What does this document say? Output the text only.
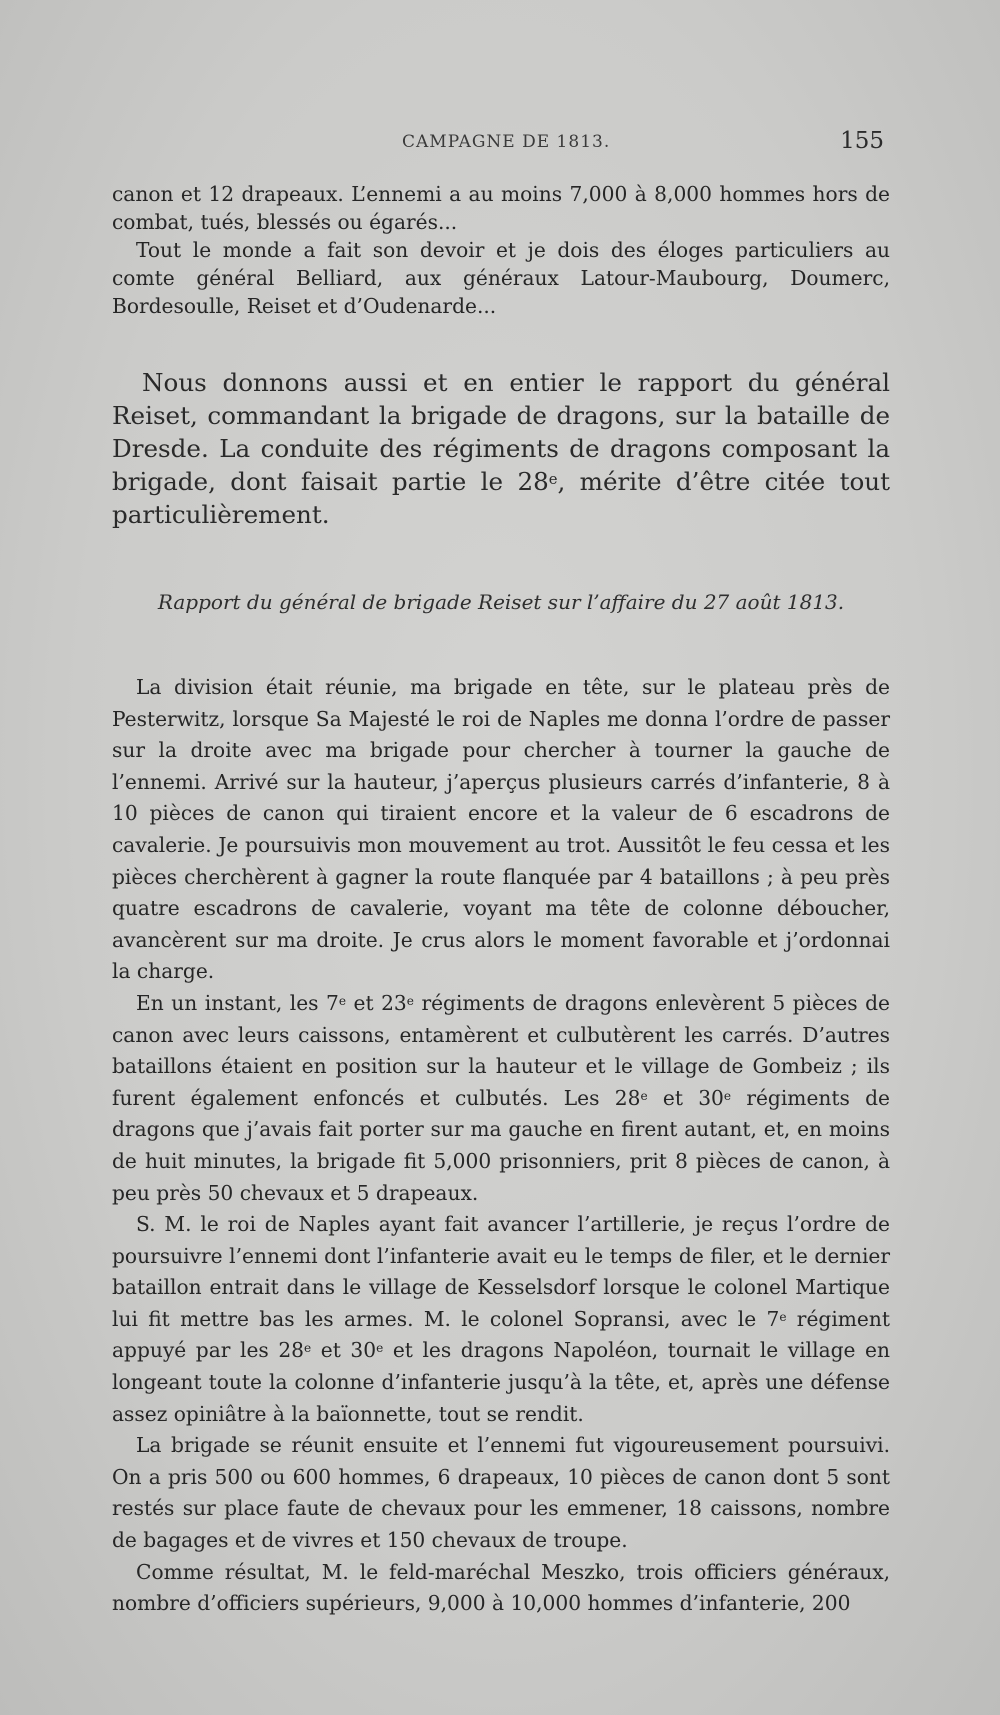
CAMPAGNE DE 1813.	155

canon et 12 drapeaux. L’ennemi a au moins 7,000 à 8,000 hommes hors de combat, tués, blessés ou égarés...

Tout le monde a fait son devoir et je dois des éloges particuliers au comte général Belliard, aux généraux Latour-Maubourg, Doumerc, Bordesoulle, Reiset et d’Oudenarde...

Nous donnons aussi et en entier le rapport du général Reiset, commandant la brigade de dragons, sur la bataille de Dresde. La conduite des régiments de dragons composant la brigade, dont faisait partie le 28e, mérite d’être citée tout particulièrement.

Rapport du général de brigade Reiset sur l’affaire du 27 août 1813.

La division était réunie, ma brigade en tête, sur le plateau près de Pesterwitz, lorsque Sa Majesté le roi de Naples me donna l’ordre de passer sur la droite avec ma brigade pour chercher à tourner la gauche de l’ennemi. Arrivé sur la hauteur, j’aperçus plusieurs carrés d’infanterie, 8 à 10 pièces de canon qui tiraient encore et la valeur de 6 escadrons de cavalerie. Je poursuivis mon mouvement au trot. Aussitôt le feu cessa et les pièces cherchèrent à gagner la route flanquée par 4 bataillons ; à peu près quatre escadrons de cavalerie, voyant ma tête de colonne déboucher, avancèrent sur ma droite. Je crus alors le moment favorable et j’ordonnai la charge.

En un instant, les 7e et 23e régiments de dragons enlevèrent 5 pièces de canon avec leurs caissons, entamèrent et culbutèrent les carrés. D’autres bataillons étaient en position sur la hauteur et le village de Gombeiz ; ils furent également enfoncés et culbutés. Les 28e et 30e régiments de dragons que j’avais fait porter sur ma gauche en firent autant, et, en moins de huit minutes, la brigade fit 5,000 prisonniers, prit 8 pièces de canon, à peu près 50 chevaux et 5 drapeaux.

S. M. le roi de Naples ayant fait avancer l’artillerie, je reçus l’ordre de poursuivre l’ennemi dont l’infanterie avait eu le temps de filer, et le dernier bataillon entrait dans le village de Kesselsdorf lorsque le colonel Martique lui fit mettre bas les armes. M. le colonel Sopransi, avec le 7e régiment appuyé par les 28e et 30e et les dragons Napoléon, tournait le village en longeant toute la colonne d’infanterie jusqu’à la tête, et, après une défense assez opiniâtre à la baïonnette, tout se rendit.

La brigade se réunit ensuite et l’ennemi fut vigoureusement poursuivi. On a pris 500 ou 600 hommes, 6 drapeaux, 10 pièces de canon dont 5 sont restés sur place faute de chevaux pour les emmener, 18 caissons, nombre de bagages et de vivres et 150 chevaux de troupe.

Comme résultat, M. le feld-maréchal Meszko, trois officiers généraux, nombre d’officiers supérieurs, 9,000 à 10,000 hommes d’infanterie, 200
